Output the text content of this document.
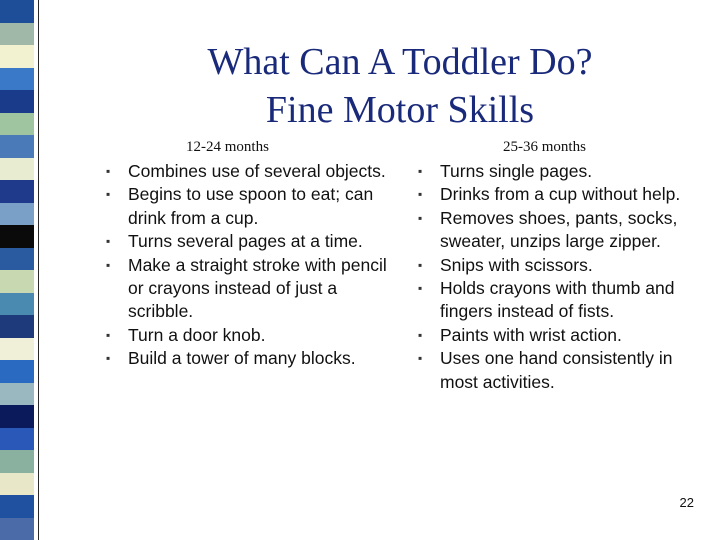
What Can A Toddler Do?
Fine Motor Skills
12-24 months	25-36 months
▪ Combines use of several objects.
▪ Begins to use spoon to eat; can drink from a cup.
▪ Turns several pages at a time.
▪ Make a straight stroke with pencil or crayons instead of just a scribble.
▪ Turn a door knob.
▪ Build a tower of many blocks.
▪ Turns single pages.
▪ Drinks from a cup without help.
▪ Removes shoes, pants, socks, sweater, unzips large zipper.
▪ Snips with scissors.
▪ Holds crayons with thumb and fingers instead of fists.
▪ Paints with wrist action.
▪ Uses one hand consistently in most activities.
22
